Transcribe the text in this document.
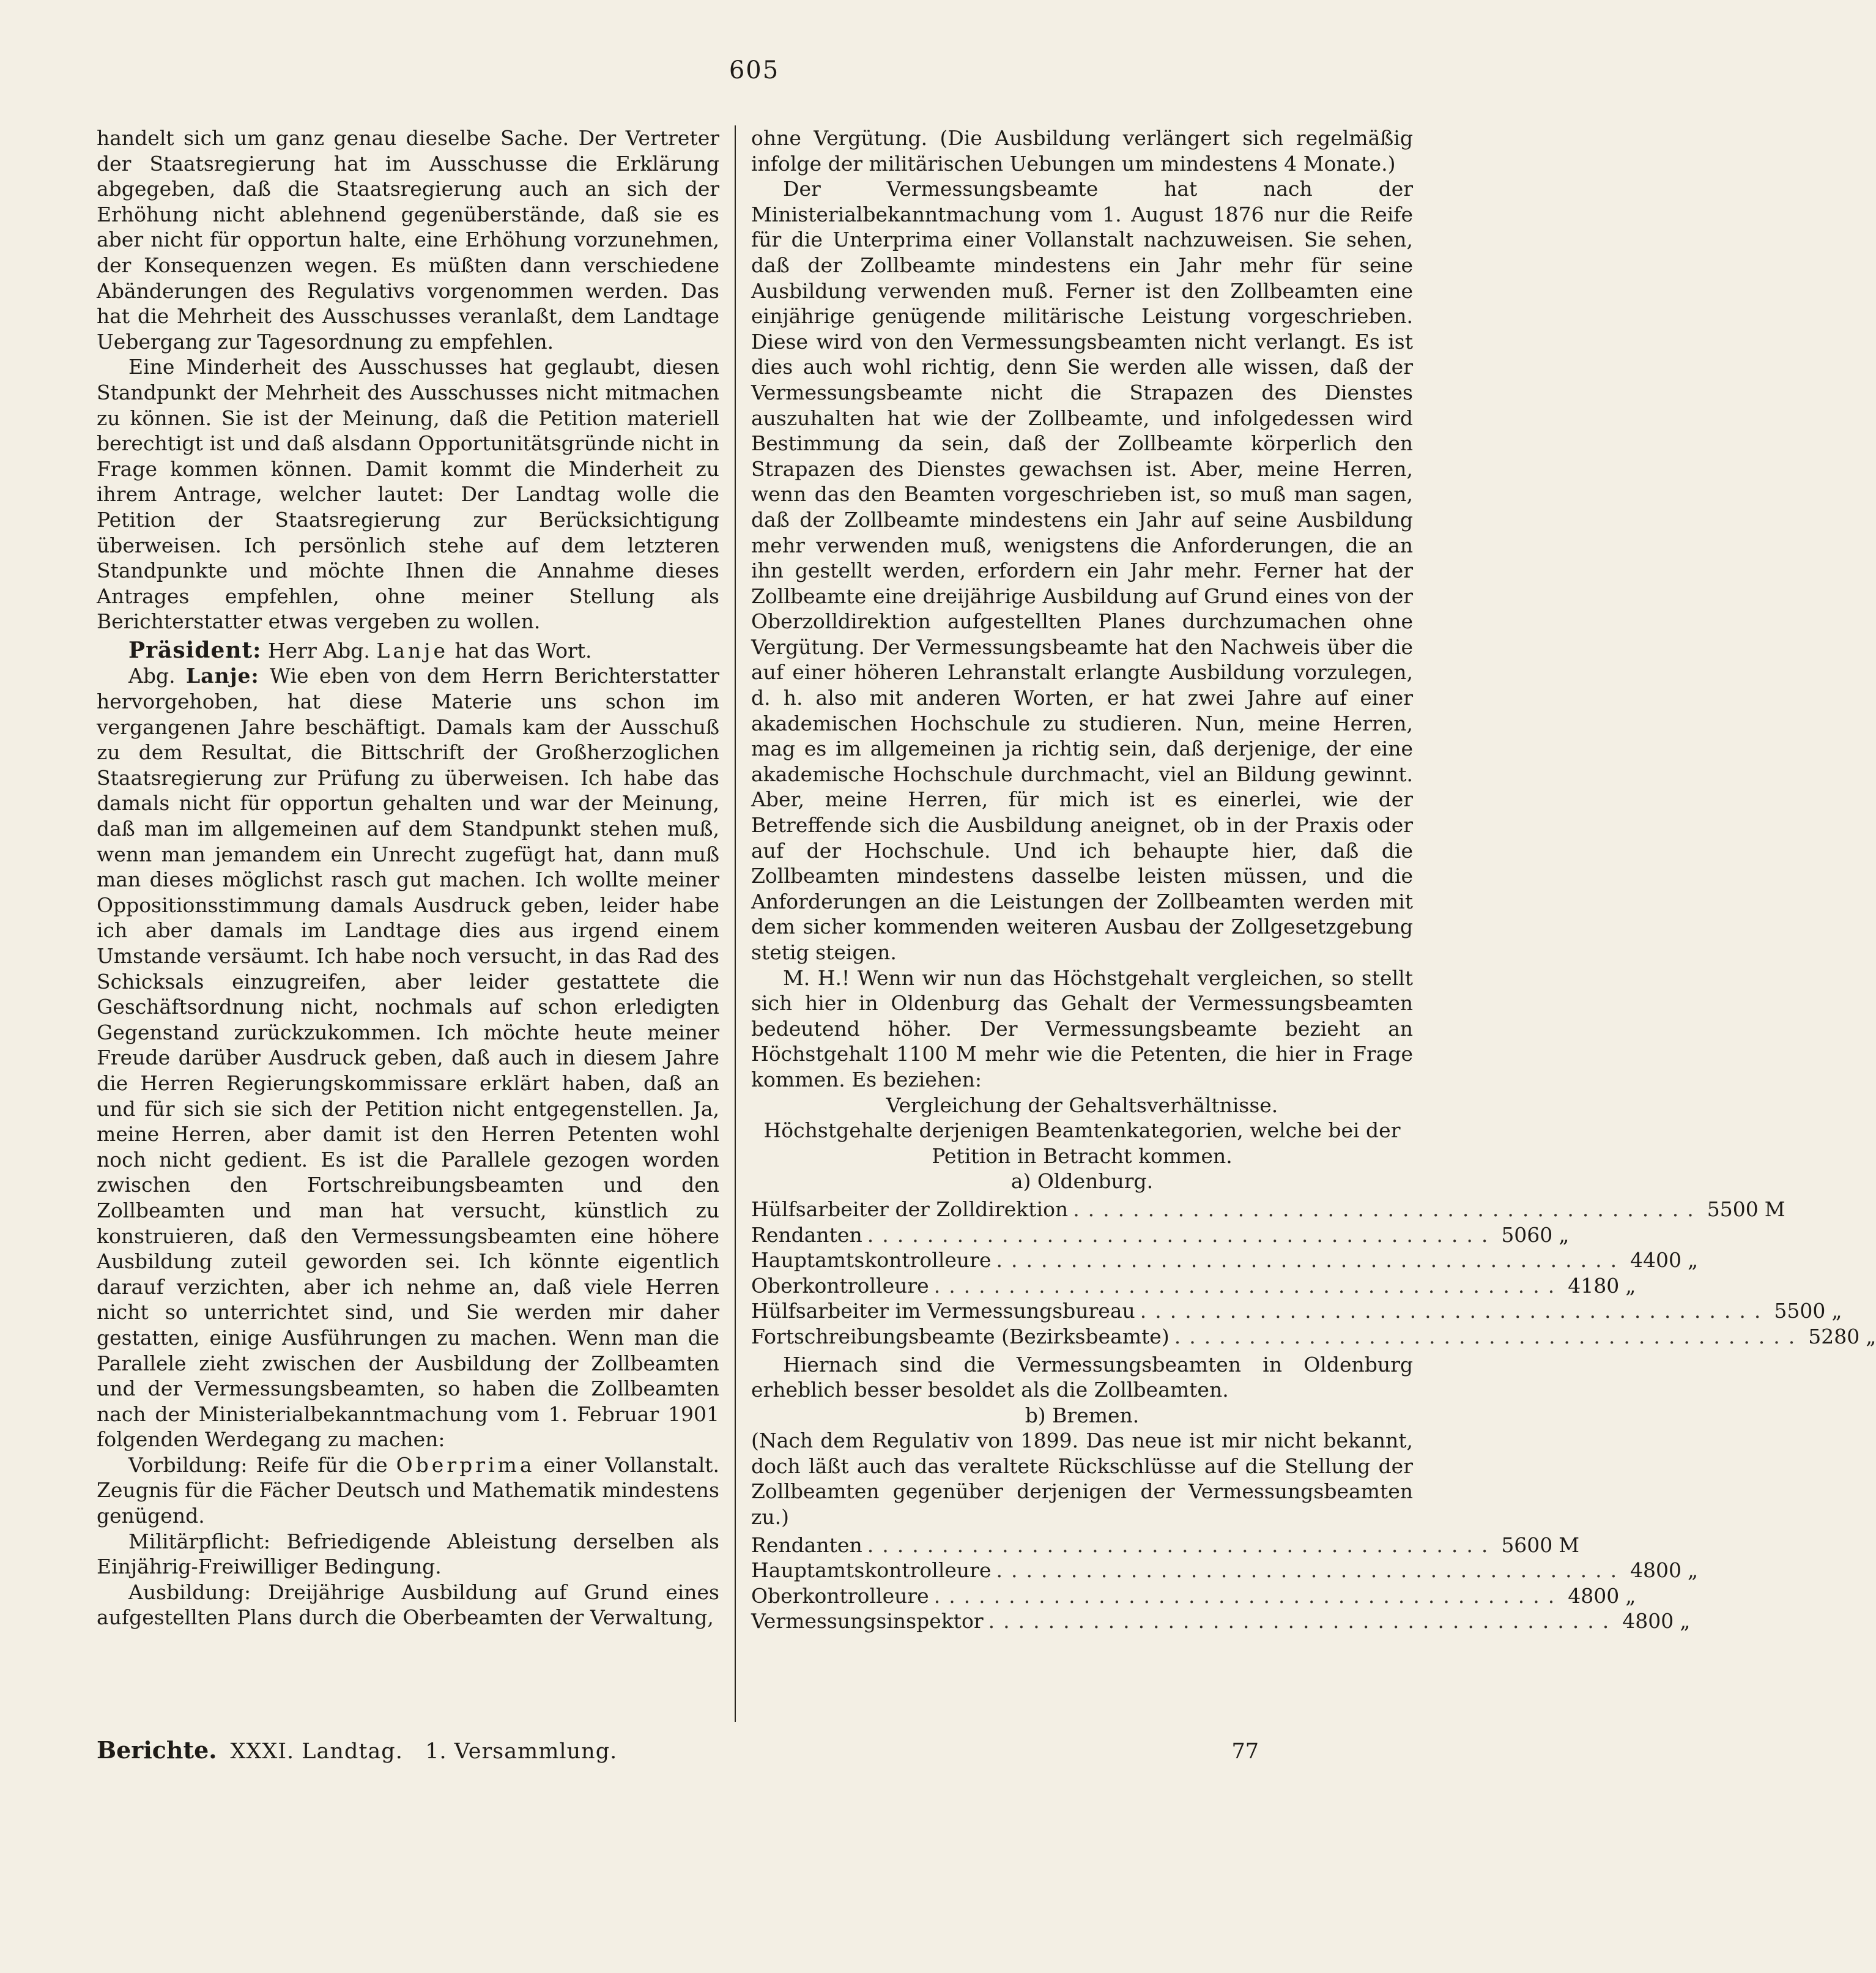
605

handelt sich um ganz genau dieselbe Sache. Der Vertreter der Staatsregierung hat im Ausschusse die Erklärung abgegeben, daß die Staatsregierung auch an sich der Erhöhung nicht ablehnend gegenüberstände, daß sie es aber nicht für opportun halte, eine Erhöhung vorzunehmen, der Konsequenzen wegen. Es müßten dann verschiedene Abänderungen des Regulativs vorgenommen werden. Das hat die Mehrheit des Ausschusses veranlaßt, dem Landtage Uebergang zur Tagesordnung zu empfehlen.

Eine Minderheit des Ausschusses hat geglaubt, diesen Standpunkt der Mehrheit des Ausschusses nicht mitmachen zu können. Sie ist der Meinung, daß die Petition materiell berechtigt ist und daß alsdann Opportunitätsgründe nicht in Frage kommen können. Damit kommt die Minderheit zu ihrem Antrage, welcher lautet: Der Landtag wolle die Petition der Staatsregierung zur Berücksichtigung überweisen. Ich persönlich stehe auf dem letzteren Standpunkte und möchte Ihnen die Annahme dieses Antrages empfehlen, ohne meiner Stellung als Berichterstatter etwas vergeben zu wollen.

Präsident: Herr Abg. Lanje hat das Wort.

Abg. Lanje: Wie eben von dem Herrn Berichterstatter hervorgehoben, hat diese Materie uns schon im vergangenen Jahre beschäftigt. Damals kam der Ausschuß zu dem Resultat, die Bittschrift der Großherzoglichen Staatsregierung zur Prüfung zu überweisen. Ich habe das damals nicht für opportun gehalten und war der Meinung, daß man im allgemeinen auf dem Standpunkt stehen muß, wenn man jemandem ein Unrecht zugefügt hat, dann muß man dieses möglichst rasch gut machen. Ich wollte meiner Oppositionsstimmung damals Ausdruck geben, leider habe ich aber damals im Landtage dies aus irgend einem Umstande versäumt. Ich habe noch versucht, in das Rad des Schicksals einzugreifen, aber leider gestattete die Geschäftsordnung nicht, nochmals auf schon erledigten Gegenstand zurückzukommen. Ich möchte heute meiner Freude darüber Ausdruck geben, daß auch in diesem Jahre die Herren Regierungskommissare erklärt haben, daß an und für sich sie sich der Petition nicht entgegenstellen. Ja, meine Herren, aber damit ist den Herren Petenten wohl noch nicht gedient. Es ist die Parallele gezogen worden zwischen den Fortschreibungsbeamten und den Zollbeamten und man hat versucht, künstlich zu konstruieren, daß den Vermessungsbeamten eine höhere Ausbildung zuteil geworden sei. Ich könnte eigentlich darauf verzichten, aber ich nehme an, daß viele Herren nicht so unterrichtet sind, und Sie werden mir daher gestatten, einige Ausführungen zu machen. Wenn man die Parallele zieht zwischen der Ausbildung der Zollbeamten und der Vermessungsbeamten, so haben die Zollbeamten nach der Ministerialbekanntmachung vom 1. Februar 1901 folgenden Werdegang zu machen:

Vorbildung: Reife für die Oberprima einer Vollanstalt. Zeugnis für die Fächer Deutsch und Mathematik mindestens genügend.

Militärpflicht: Befriedigende Ableistung derselben als Einjährig-Freiwilliger Bedingung.

Ausbildung: Dreijährige Ausbildung auf Grund eines aufgestellten Plans durch die Oberbeamten der Verwaltung,

ohne Vergütung. (Die Ausbildung verlängert sich regelmäßig infolge der militärischen Uebungen um mindestens 4 Monate.)

Der Vermessungsbeamte hat nach der Ministerialbekanntmachung vom 1. August 1876 nur die Reife für die Unterprima einer Vollanstalt nachzuweisen. Sie sehen, daß der Zollbeamte mindestens ein Jahr mehr für seine Ausbildung verwenden muß. Ferner ist den Zollbeamten eine einjährige genügende militärische Leistung vorgeschrieben. Diese wird von den Vermessungsbeamten nicht verlangt. Es ist dies auch wohl richtig, denn Sie werden alle wissen, daß der Vermessungsbeamte nicht die Strapazen des Dienstes auszuhalten hat wie der Zollbeamte, und infolgedessen wird Bestimmung da sein, daß der Zollbeamte körperlich den Strapazen des Dienstes gewachsen ist. Aber, meine Herren, wenn das den Beamten vorgeschrieben ist, so muß man sagen, daß der Zollbeamte mindestens ein Jahr auf seine Ausbildung mehr verwenden muß, wenigstens die Anforderungen, die an ihn gestellt werden, erfordern ein Jahr mehr. Ferner hat der Zollbeamte eine dreijährige Ausbildung auf Grund eines von der Oberzolldirektion aufgestellten Planes durchzumachen ohne Vergütung. Der Vermessungsbeamte hat den Nachweis über die auf einer höheren Lehranstalt erlangte Ausbildung vorzulegen, d. h. also mit anderen Worten, er hat zwei Jahre auf einer akademischen Hochschule zu studieren. Nun, meine Herren, mag es im allgemeinen ja richtig sein, daß derjenige, der eine akademische Hochschule durchmacht, viel an Bildung gewinnt. Aber, meine Herren, für mich ist es einerlei, wie der Betreffende sich die Ausbildung aneignet, ob in der Praxis oder auf der Hochschule. Und ich behaupte hier, daß die Zollbeamten mindestens dasselbe leisten müssen, und die Anforderungen an die Leistungen der Zollbeamten werden mit dem sicher kommenden weiteren Ausbau der Zollgesetzgebung stetig steigen.

M. H.! Wenn wir nun das Höchstgehalt vergleichen, so stellt sich hier in Oldenburg das Gehalt der Vermessungsbeamten bedeutend höher. Der Vermessungsbeamte bezieht an Höchstgehalt 1100 M mehr wie die Petenten, die hier in Frage kommen. Es beziehen:

Vergleichung der Gehaltsverhältnisse.

Höchstgehalte derjenigen Beamtenkategorien, welche bei der Petition in Betracht kommen.

a) Oldenburg.

Hülfsarbeiter der Zolldirektion .......................................... 5500 M
Rendanten .......................................... 5060 „
Hauptamtskontrolleure .......................................... 4400 „
Oberkontrolleure .......................................... 4180 „
Hülfsarbeiter im Vermessungsbureau .......................................... 5500 „
Fortschreibungsbeamte (Bezirksbeamte) .......................................... 5280 „

Hiernach sind die Vermessungsbeamten in Oldenburg erheblich besser besoldet als die Zollbeamten.

b) Bremen.

(Nach dem Regulativ von 1899. Das neue ist mir nicht bekannt, doch läßt auch das veraltete Rückschlüsse auf die Stellung der Zollbeamten gegenüber derjenigen der Vermessungsbeamten zu.)

Rendanten .......................................... 5600 M
Hauptamtskontrolleure .......................................... 4800 „
Oberkontrolleure .......................................... 4800 „
Vermessungsinspektor .......................................... 4800 „
Berichte. XXXI. Landtag.   1. Versammlung.	77
